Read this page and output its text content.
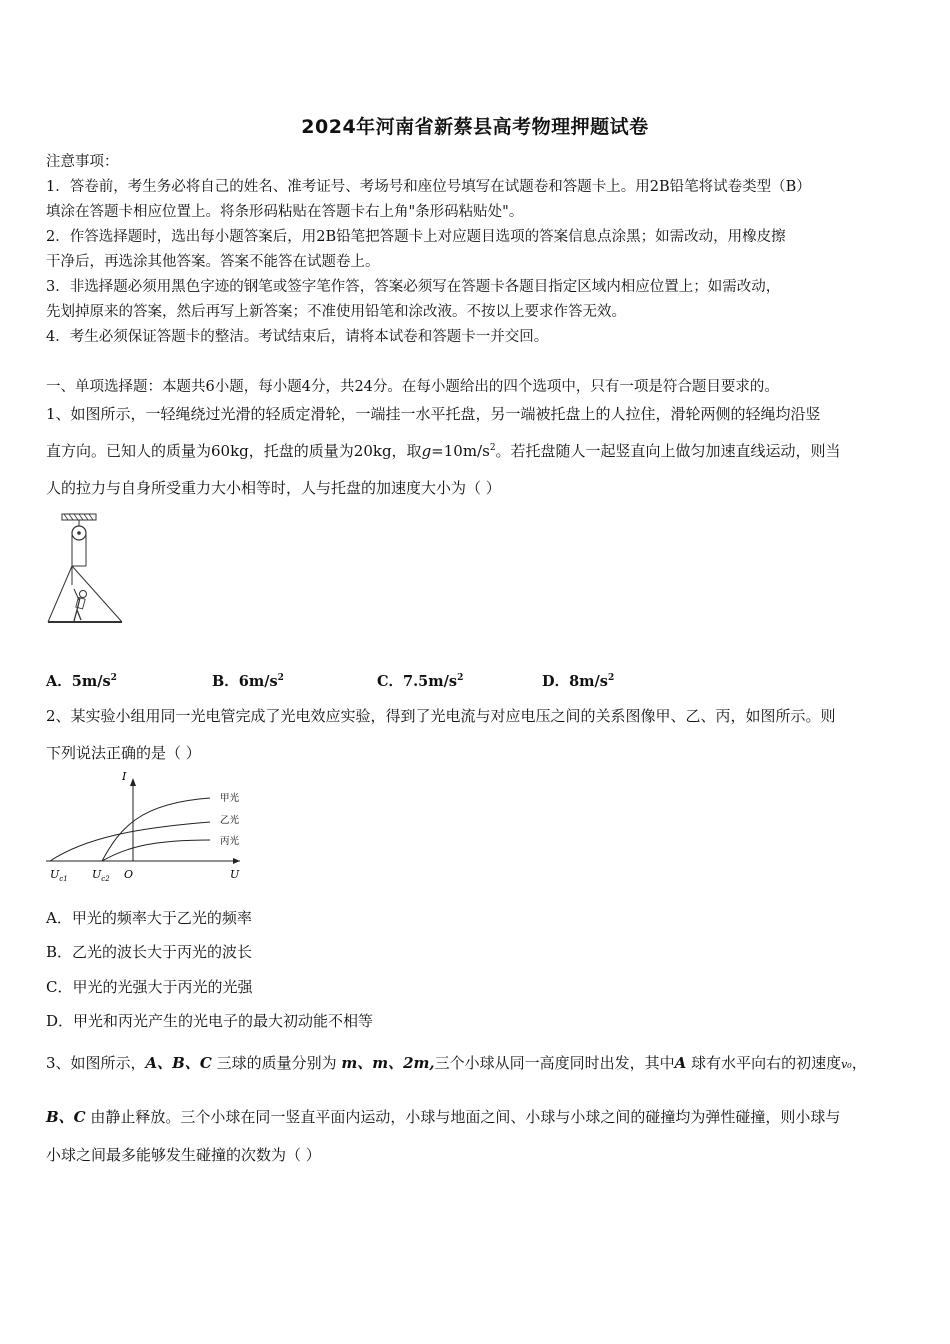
2024年河南省新蔡县高考物理押题试卷
注意事项：
1．答卷前，考生务必将自己的姓名、准考证号、考场号和座位号填写在试题卷和答题卡上。用2B铅笔将试卷类型（B）
填涂在答题卡相应位置上。将条形码粘贴在答题卡右上角"条形码粘贴处"。
2．作答选择题时，选出每小题答案后，用2B铅笔把答题卡上对应题目选项的答案信息点涂黑；如需改动，用橡皮擦
干净后，再选涂其他答案。答案不能答在试题卷上。
3．非选择题必须用黑色字迹的钢笔或签字笔作答，答案必须写在答题卡各题目指定区域内相应位置上；如需改动，
先划掉原来的答案，然后再写上新答案；不准使用铅笔和涂改液。不按以上要求作答无效。
4．考生必须保证答题卡的整洁。考试结束后，请将本试卷和答题卡一并交回。
一、单项选择题：本题共6小题，每小题4分，共24分。在每小题给出的四个选项中，只有一项是符合题目要求的。
1、如图所示，一轻绳绕过光滑的轻质定滑轮，一端挂一水平托盘，另一端被托盘上的人拉住，滑轮两侧的轻绳均沿竖
直方向。已知人的质量为60kg，托盘的质量为20kg，取$g=10m/s^2$。若托盘随人一起竖直向上做匀加速直线运动，则当
人的拉力与自身所受重力大小相等时，人与托盘的加速度大小为（ ）
A．$5m/s^2$	B．$6m/s^2$	C．$7.5m/s^2$	D．$8m/s^2$
2、某实验小组用同一光电管完成了光电效应实验，得到了光电流与对应电压之间的关系图像甲、乙、丙，如图所示。则
下列说法正确的是（ ）
I
甲光
乙光
丙光
$U_{c1}$ $U_{c2}$ O	U
A．甲光的频率大于乙光的频率
B．乙光的波长大于丙光的波长
C．甲光的光强大于丙光的光强
D．甲光和丙光产生的光电子的最大初动能不相等
3、如图所示，A、B、C 三球的质量分别为 m、m、2m,三个小球从同一高度同时出发，其中A 球有水平向右的初速度v₀，
B、C 由静止释放。三个小球在同一竖直平面内运动，小球与地面之间、小球与小球之间的碰撞均为弹性碰撞，则小球与
小球之间最多能够发生碰撞的次数为（ ）
